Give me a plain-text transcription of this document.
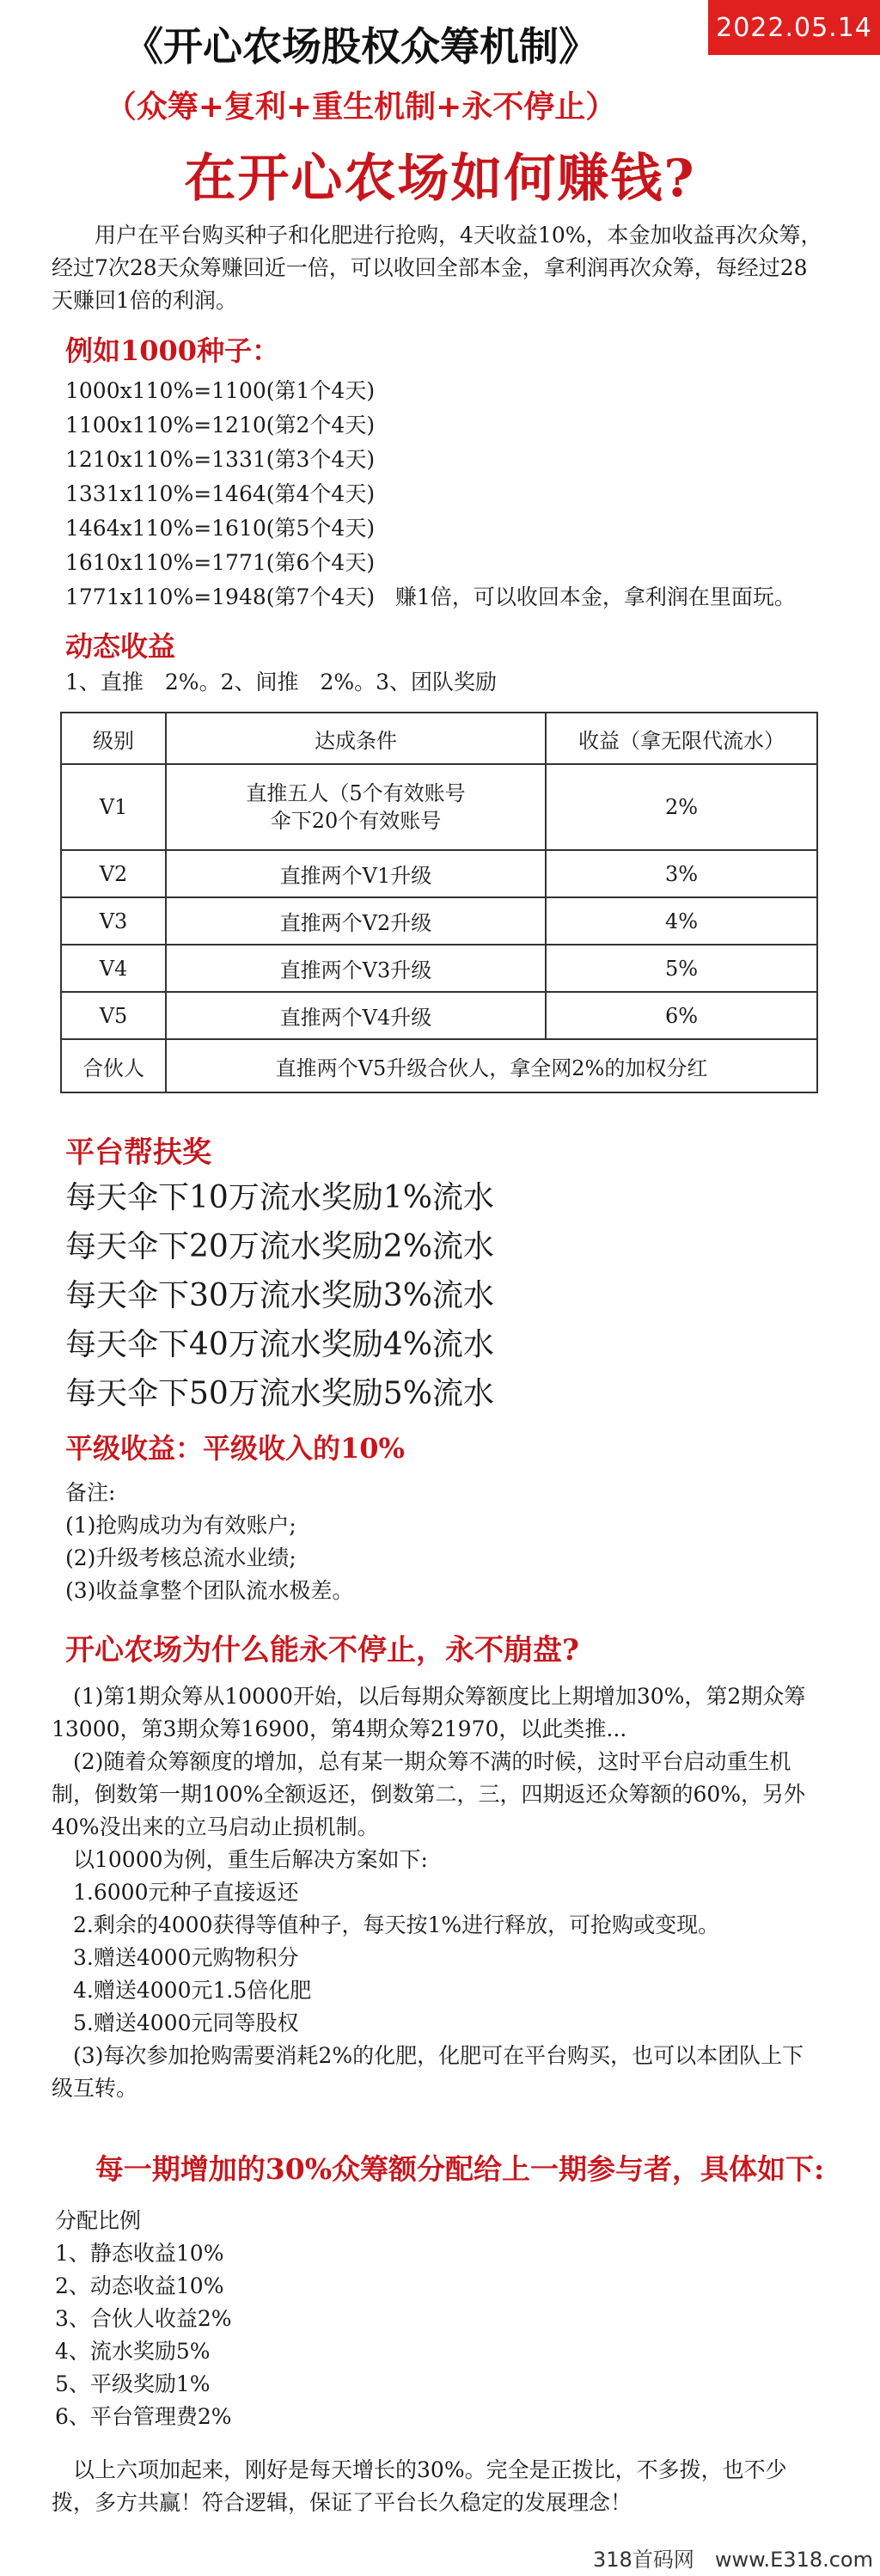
2022.05.14
《开心农场股权众筹机制》
（众筹+复利+重生机制+永不停止）
在开心农场如何赚钱?
　　用户在平台购买种子和化肥进行抢购，4天收益10%，本金加收益再次众筹，
经过7次28天众筹赚回近一倍，可以收回全部本金，拿利润再次众筹，每经过28
天赚回1倍的利润。
例如1000种子：
1000x110%=1100(第1个4天)
1100x110%=1210(第2个4天)
1210x110%=1331(第3个4天)
1331x110%=1464(第4个4天)
1464x110%=1610(第5个4天)
1610x110%=1771(第6个4天)
1771x110%=1948(第7个4天) 赚1倍，可以收回本金，拿利润在里面玩。
动态收益
1、直推　2%。2、间推　2%。3、团队奖励
级别	达成条件	收益（拿无限代流水）
V1	直推五人（5个有效账号
伞下20个有效账号	2%
V2	直推两个V1升级	3%
V3	直推两个V2升级	4%
V4	直推两个V3升级	5%
V5	直推两个V4升级	6%
合伙人	直推两个V5升级合伙人，拿全网2%的加权分红	
平台帮扶奖
每天伞下10万流水奖励1%流水
每天伞下20万流水奖励2%流水
每天伞下30万流水奖励3%流水
每天伞下40万流水奖励4%流水
每天伞下50万流水奖励5%流水
平级收益：平级收入的10%
备注:
(1)抢购成功为有效账户;
(2)升级考核总流水业绩;
(3)收益拿整个团队流水极差。
开心农场为什么能永不停止，永不崩盘?
　(1)第1期众筹从10000开始，以后每期众筹额度比上期增加30%，第2期众筹
13000，第3期众筹16900，第4期众筹21970，以此类推...
　(2)随着众筹额度的增加，总有某一期众筹不满的时候，这时平台启动重生机
制，倒数第一期100%全额返还，倒数第二，三，四期返还众筹额的60%，另外
40%没出来的立马启动止损机制。
　以10000为例，重生后解决方案如下:
　1.6000元种子直接返还
　2.剩余的4000获得等值种子，每天按1%进行释放，可抢购或变现。
　3.赠送4000元购物积分
　4.赠送4000元1.5倍化肥
　5.赠送4000元同等股权
　(3)每次参加抢购需要消耗2%的化肥，化肥可在平台购买，也可以本团队上下
级互转。
每一期增加的30%众筹额分配给上一期参与者，具体如下:
分配比例
1、静态收益10%
2、动态收益10%
3、合伙人收益2%
4、流水奖励5%
5、平级奖励1%
6、平台管理费2%
　以上六项加起来，刚好是每天增长的30%。完全是正拨比，不多拨，也不少
拨，多方共赢！符合逻辑，保证了平台长久稳定的发展理念！
318首码网　www.E318.com
